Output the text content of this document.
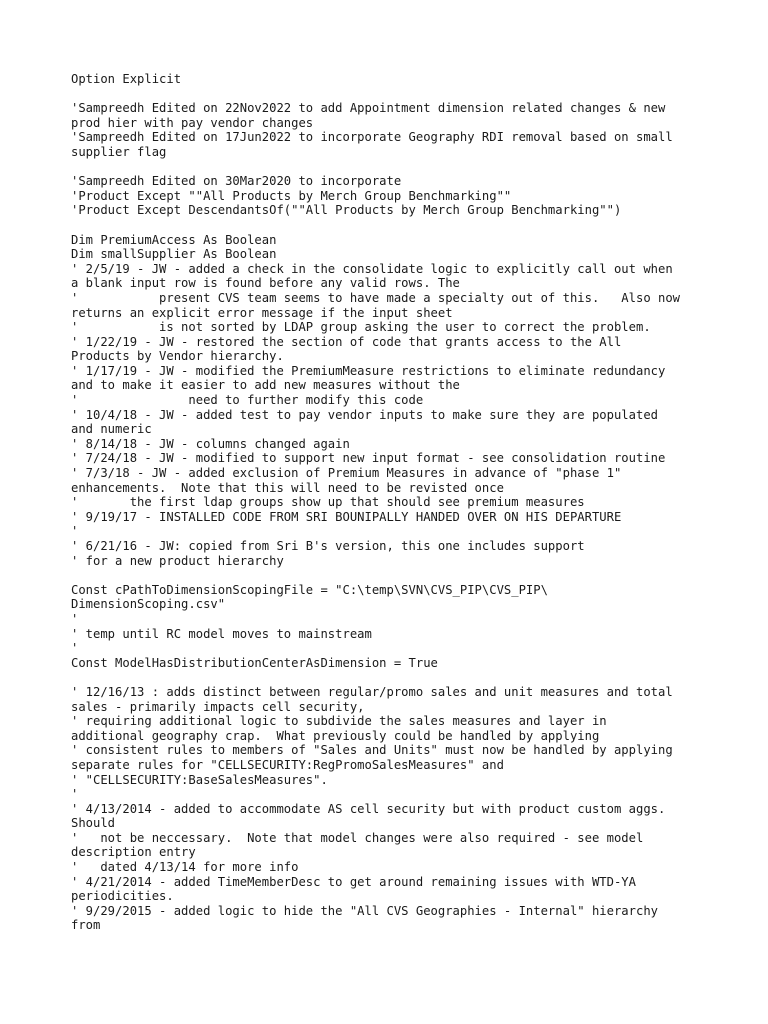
Option Explicit
'Sampreedh Edited on 22Nov2022 to add Appointment dimension related changes & new
prod hier with pay vendor changes
'Sampreedh Edited on 17Jun2022 to incorporate Geography RDI removal based on small
supplier flag
'Sampreedh Edited on 30Mar2020 to incorporate
'Product Except ""All Products by Merch Group Benchmarking""
'Product Except DescendantsOf(""All Products by Merch Group Benchmarking"")
Dim PremiumAccess As Boolean
Dim smallSupplier As Boolean
' 2/5/19 - JW - added a check in the consolidate logic to explicitly call out when
a blank input row is found before any valid rows. The
'           present CVS team seems to have made a specialty out of this.   Also now
returns an explicit error message if the input sheet
'           is not sorted by LDAP group asking the user to correct the problem.
' 1/22/19 - JW - restored the section of code that grants access to the All
Products by Vendor hierarchy.
' 1/17/19 - JW - modified the PremiumMeasure restrictions to eliminate redundancy
and to make it easier to add new measures without the
'               need to further modify this code
' 10/4/18 - JW - added test to pay vendor inputs to make sure they are populated
and numeric
' 8/14/18 - JW - columns changed again
' 7/24/18 - JW - modified to support new input format - see consolidation routine
' 7/3/18 - JW - added exclusion of Premium Measures in advance of "phase 1"
enhancements.  Note that this will need to be revisted once
'       the first ldap groups show up that should see premium measures
' 9/19/17 - INSTALLED CODE FROM SRI BOUNIPALLY HANDED OVER ON HIS DEPARTURE
'
' 6/21/16 - JW: copied from Sri B's version, this one includes support
' for a new product hierarchy
Const cPathToDimensionScopingFile = "C:\temp\SVN\CVS_PIP\CVS_PIP\
DimensionScoping.csv"
'
' temp until RC model moves to mainstream
'
Const ModelHasDistributionCenterAsDimension = True
' 12/16/13 : adds distinct between regular/promo sales and unit measures and total
sales - primarily impacts cell security,
' requiring additional logic to subdivide the sales measures and layer in
additional geography crap.  What previously could be handled by applying
' consistent rules to members of "Sales and Units" must now be handled by applying
separate rules for "CELLSECURITY:RegPromoSalesMeasures" and
' "CELLSECURITY:BaseSalesMeasures".
'
' 4/13/2014 - added to accommodate AS cell security but with product custom aggs.
Should
'   not be neccessary.  Note that model changes were also required - see model
description entry
'   dated 4/13/14 for more info
' 4/21/2014 - added TimeMemberDesc to get around remaining issues with WTD-YA
periodicities.
' 9/29/2015 - added logic to hide the "All CVS Geographies - Internal" hierarchy
from
